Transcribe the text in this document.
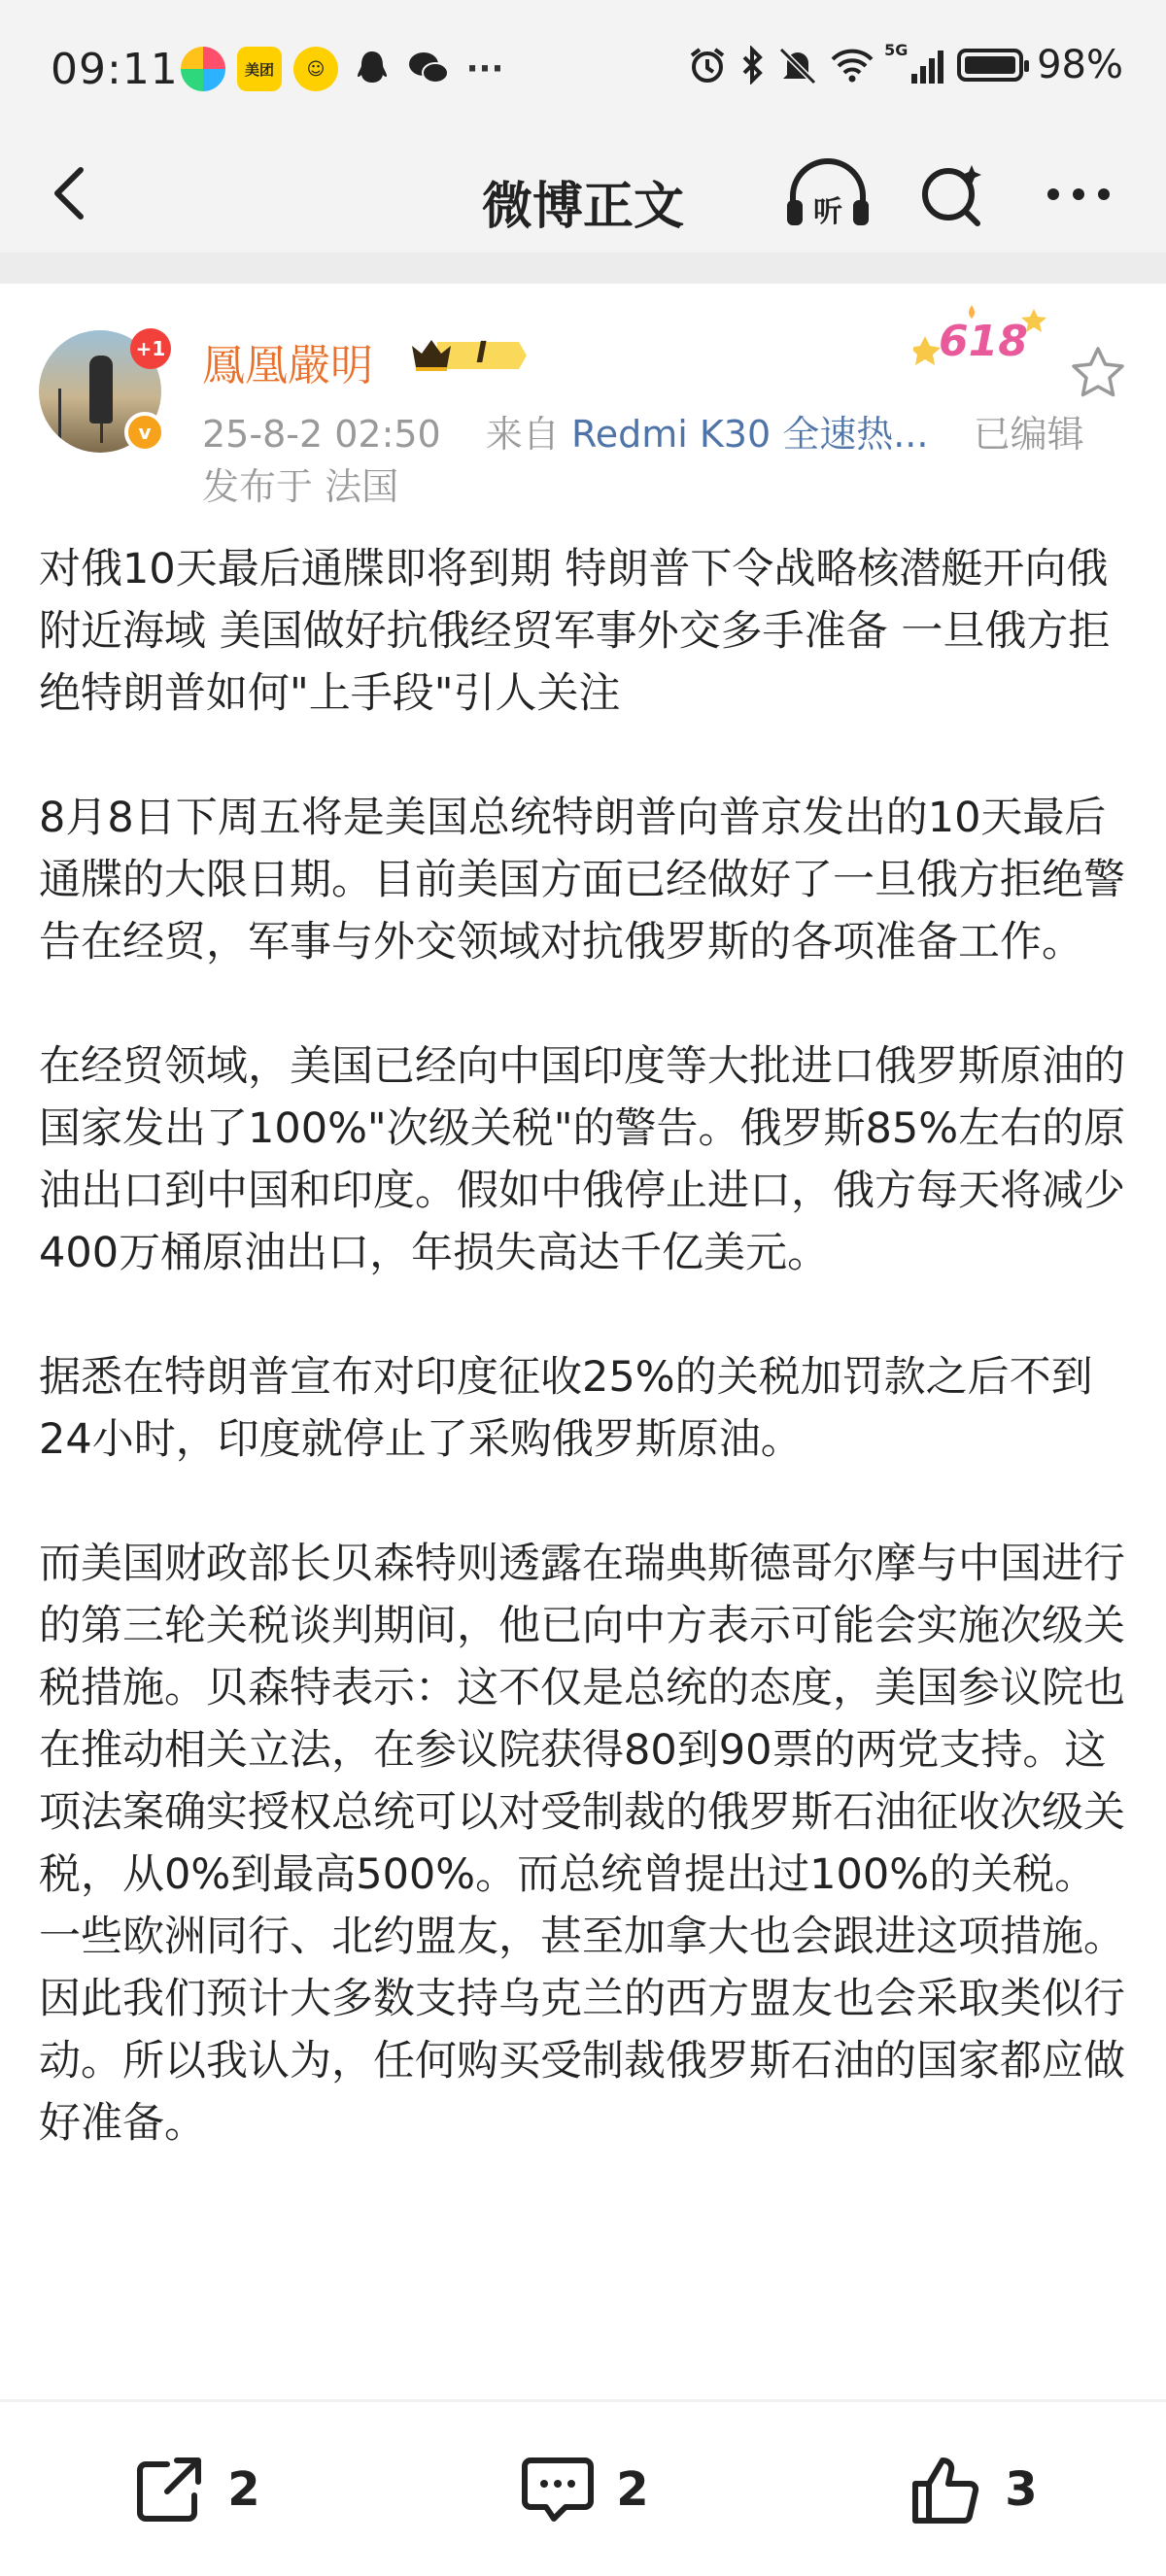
09:11	美团	☺	···	5G	98%
微博正文	听
+1
v
鳳凰嚴明	I	618
25-8-2 02:50 来自 Redmi K30 全速热... 已编辑
发布于 法国

对俄10天最后通牒即将到期 特朗普下令战略核潜艇开向俄附近海域 美国做好抗俄经贸军事外交多手准备 一旦俄方拒绝特朗普如何"上手段"引人关注

8月8日下周五将是美国总统特朗普向普京发出的10天最后通牒的大限日期。目前美国方面已经做好了一旦俄方拒绝警告在经贸，军事与外交领域对抗俄罗斯的各项准备工作。

在经贸领域，美国已经向中国印度等大批进口俄罗斯原油的国家发出了100%"次级关税"的警告。俄罗斯85%左右的原油出口到中国和印度。假如中俄停止进口，俄方每天将减少400万桶原油出口，年损失高达千亿美元。

据悉在特朗普宣布对印度征收25%的关税加罚款之后不到24小时，印度就停止了采购俄罗斯原油。

而美国财政部长贝森特则透露在瑞典斯德哥尔摩与中国进行的第三轮关税谈判期间，他已向中方表示可能会实施次级关税措施。贝森特表示：这不仅是总统的态度，美国参议院也在推动相关立法，在参议院获得80到90票的两党支持。这项法案确实授权总统可以对受制裁的俄罗斯石油征收次级关税，从0%到最高500%。而总统曾提出过100%的关税。一些欧洲同行、北约盟友，甚至加拿大也会跟进这项措施。因此我们预计大多数支持乌克兰的西方盟友也会采取类似行动。所以我认为，任何购买受制裁俄罗斯石油的国家都应做好准备。

2	2	3
